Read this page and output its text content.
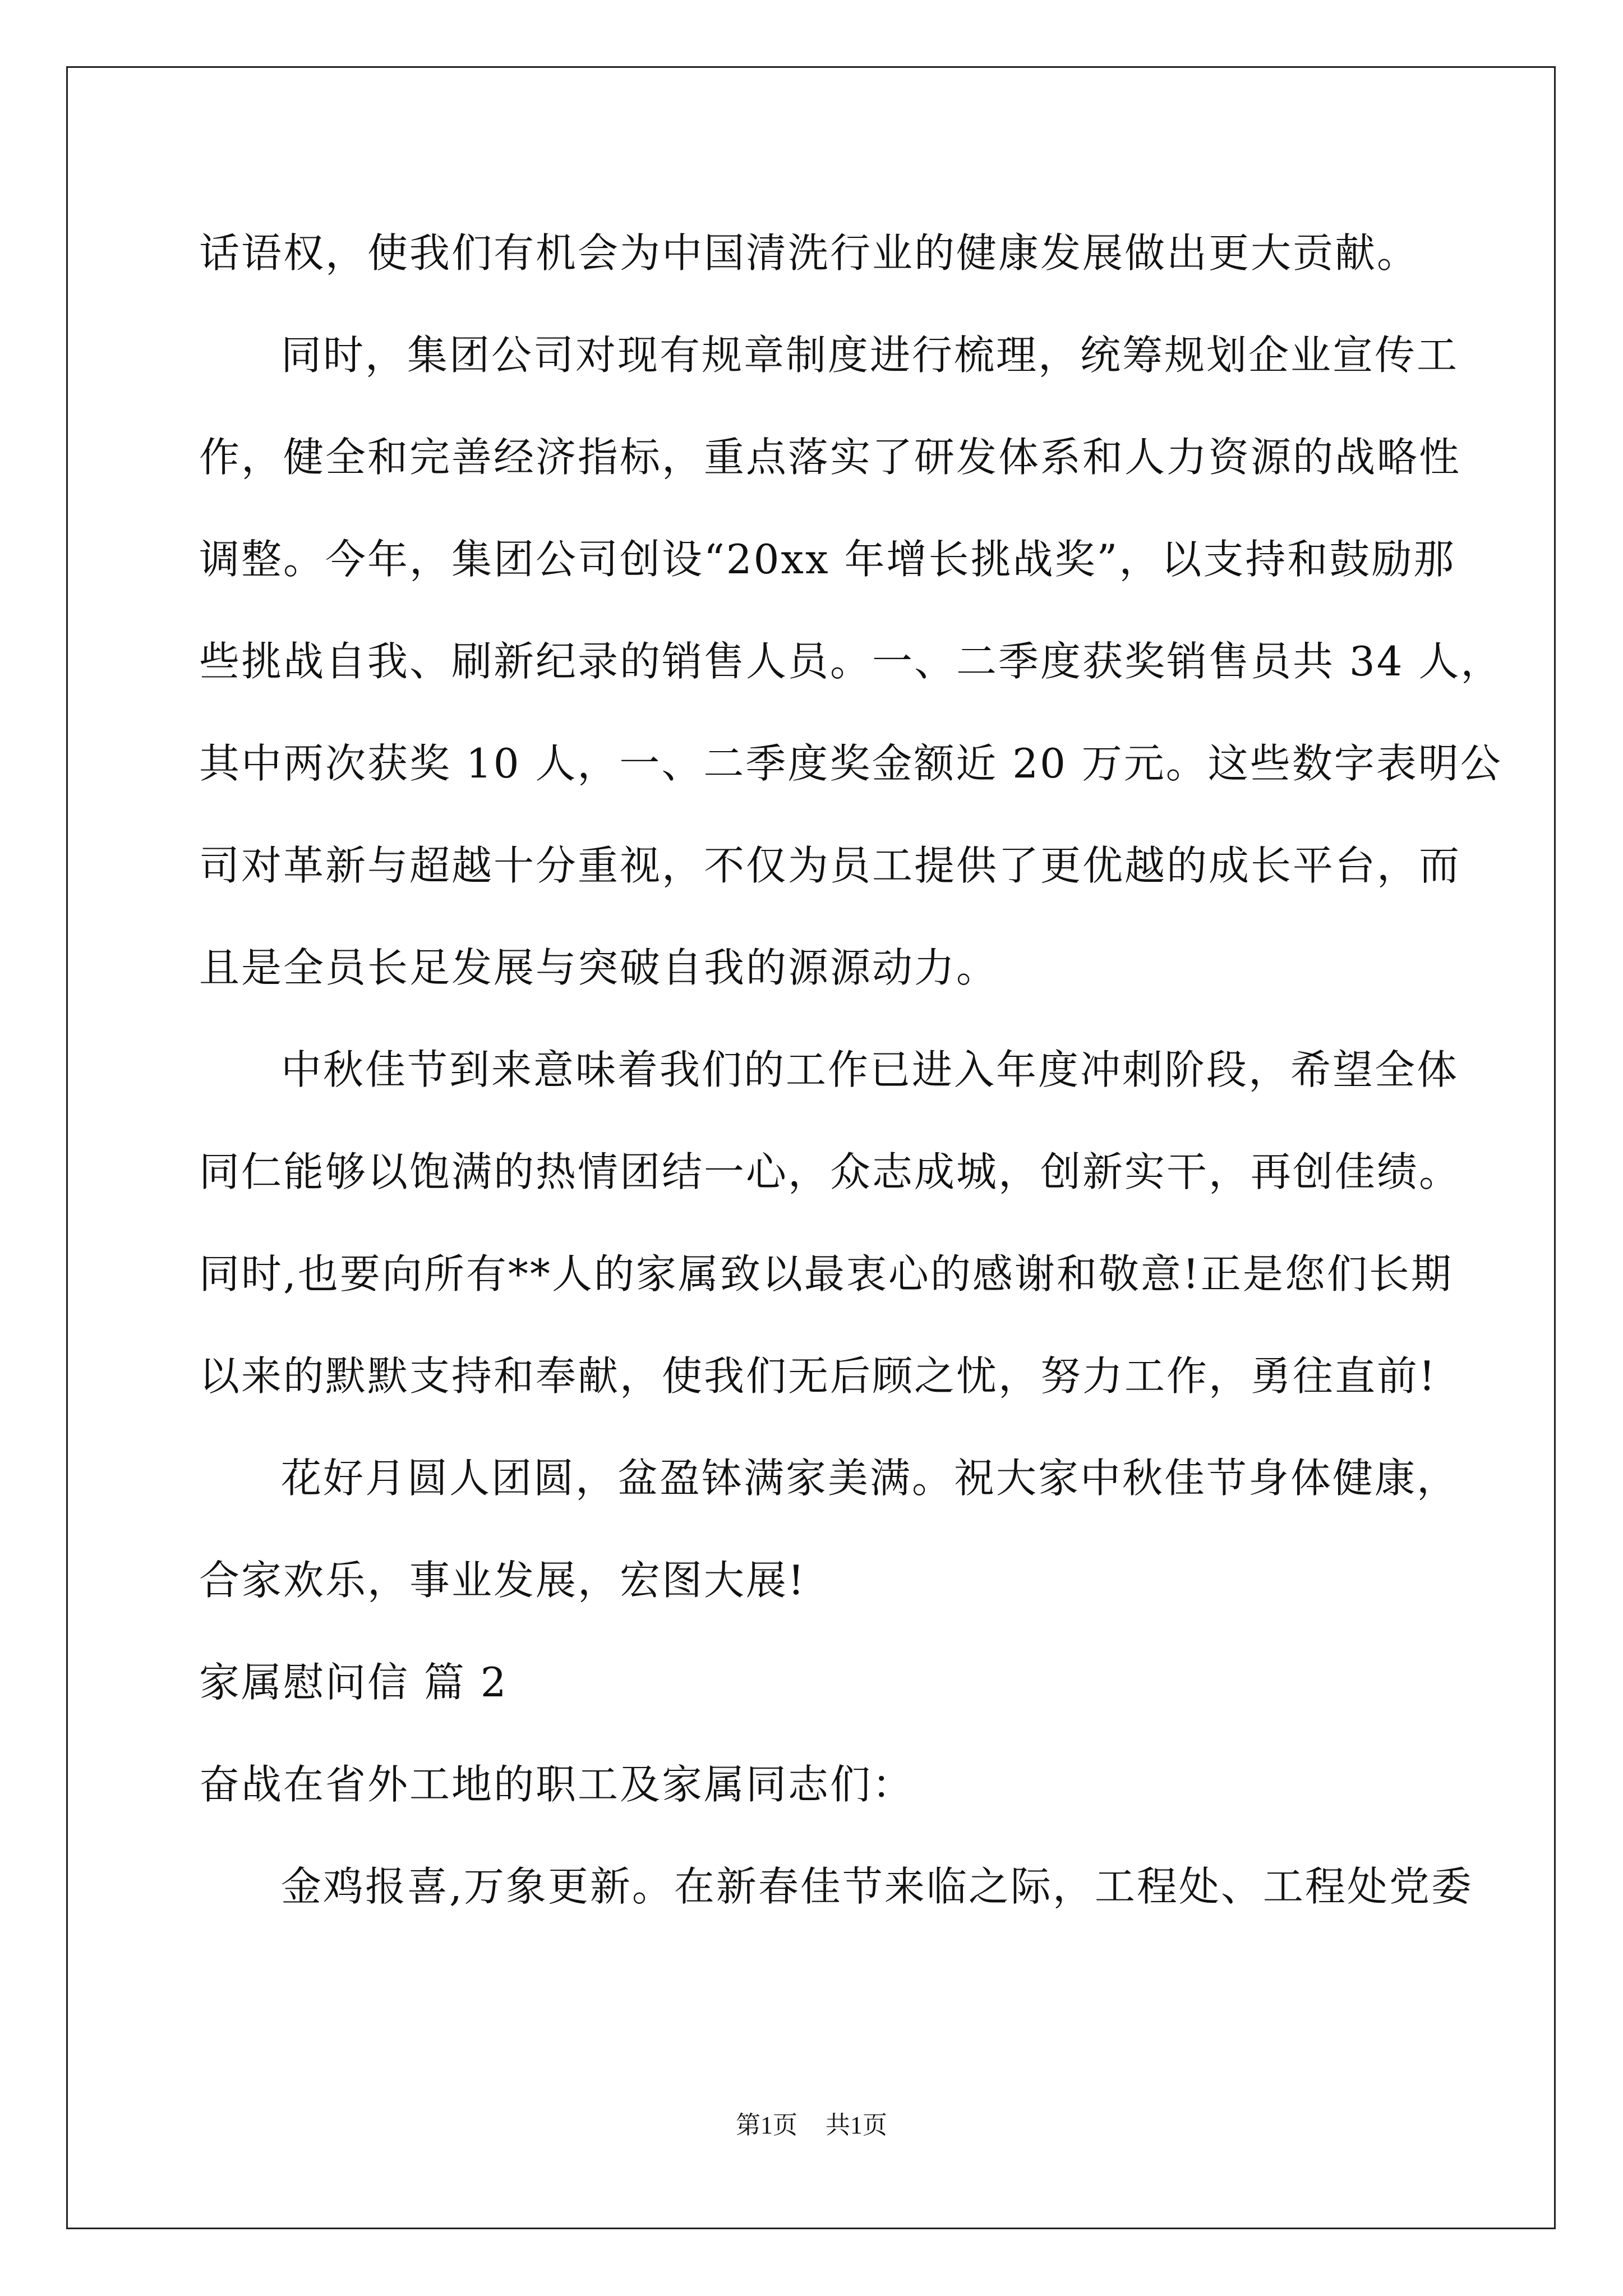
话语权，使我们有机会为中国清洗行业的健康发展做出更大贡献。
同时，集团公司对现有规章制度进行梳理，统筹规划企业宣传工
作，健全和完善经济指标，重点落实了研发体系和人力资源的战略性
调整。今年，集团公司创设“20xx 年增长挑战奖”，以支持和鼓励那
些挑战自我、刷新纪录的销售人员。一、二季度获奖销售员共 34 人，
其中两次获奖 10 人，一、二季度奖金额近 20 万元。这些数字表明公
司对革新与超越十分重视，不仅为员工提供了更优越的成长平台，而
且是全员长足发展与突破自我的源源动力。
中秋佳节到来意味着我们的工作已进入年度冲刺阶段，希望全体
同仁能够以饱满的热情团结一心，众志成城，创新实干，再创佳绩。
同时,也要向所有**人的家属致以最衷心的感谢和敬意!正是您们长期
以来的默默支持和奉献，使我们无后顾之忧，努力工作，勇往直前!
花好月圆人团圆，盆盈钵满家美满。祝大家中秋佳节身体健康，
合家欢乐，事业发展，宏图大展!
家属慰问信 篇 2
奋战在省外工地的职工及家属同志们：
金鸡报喜,万象更新。在新春佳节来临之际，工程处、工程处党委
第1页 共1页
